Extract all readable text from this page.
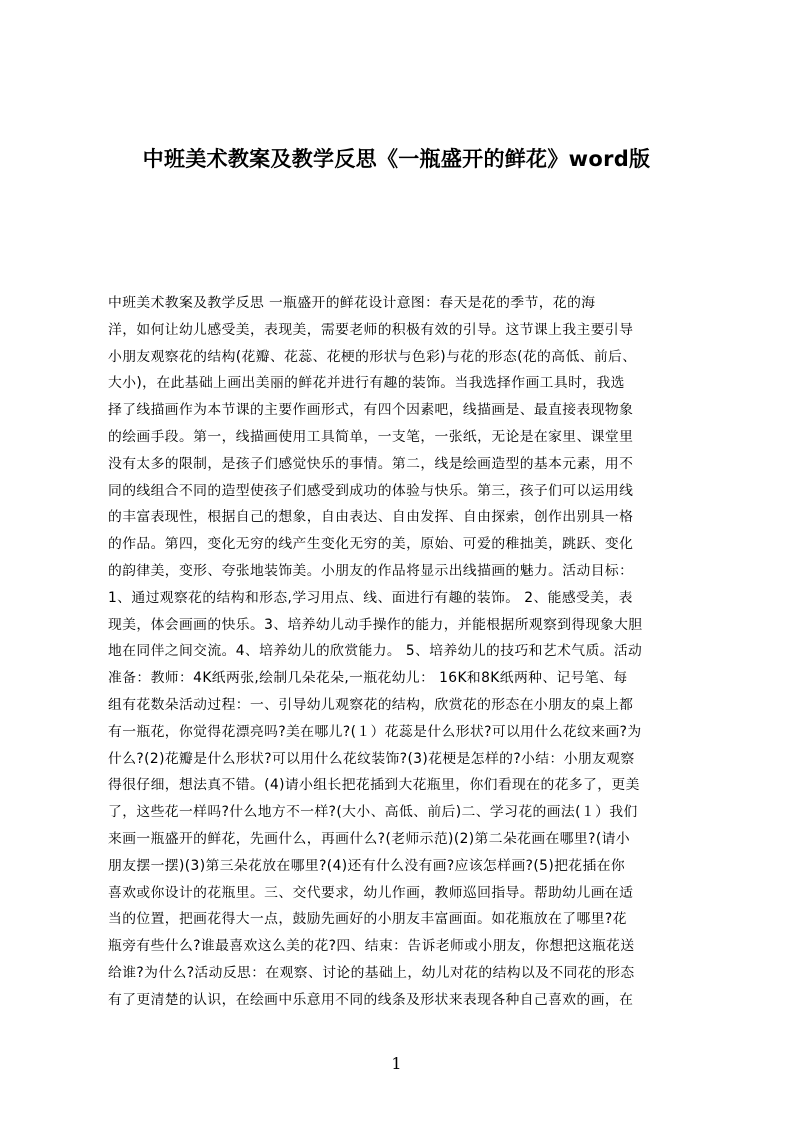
中班美术教案及教学反思《一瓶盛开的鲜花》word版
中班美术教案及教学反思 一瓶盛开的鲜花设计意图：春天是花的季节，花的海
洋，如何让幼儿感受美，表现美，需要老师的积极有效的引导。这节课上我主要引导
小朋友观察花的结构(花瓣、花蕊、花梗的形状与色彩)与花的形态(花的高低、前后、
大小)，在此基础上画出美丽的鲜花并进行有趣的装饰。当我选择作画工具时，我选
择了线描画作为本节课的主要作画形式，有四个因素吧，线描画是、最直接表现物象
的绘画手段。第一，线描画使用工具简单，一支笔，一张纸，无论是在家里、课堂里
没有太多的限制，是孩子们感觉快乐的事情。第二，线是绘画造型的基本元素，用不
同的线组合不同的造型使孩子们感受到成功的体验与快乐。第三，孩子们可以运用线
的丰富表现性，根据自己的想象，自由表达、自由发挥、自由探索，创作出别具一格
的作品。第四，变化无穷的线产生变化无穷的美，原始、可爱的稚拙美，跳跃、变化
的韵律美，变形、夸张地装饰美。小朋友的作品将显示出线描画的魅力。活动目标：
1、通过观察花的结构和形态,学习用点、线、面进行有趣的装饰。 2、能感受美，表
现美，体会画画的快乐。3、培养幼儿动手操作的能力，并能根据所观察到得现象大胆
地在同伴之间交流。4、培养幼儿的欣赏能力。 5、培养幼儿的技巧和艺术气质。活动
准备：教师：4K纸两张,绘制几朵花朵,一瓶花幼儿： 16K和8K纸两种、记号笔、每
组有花数朵活动过程：一、引导幼儿观察花的结构，欣赏花的形态在小朋友的桌上都
有一瓶花，你觉得花漂亮吗?美在哪儿?(１）花蕊是什么形状?可以用什么花纹来画?为
什么?(2)花瓣是什么形状?可以用什么花纹装饰?(3)花梗是怎样的?小结：小朋友观察
得很仔细，想法真不错。(4)请小组长把花插到大花瓶里，你们看现在的花多了，更美
了，这些花一样吗?什么地方不一样?(大小、高低、前后)二、学习花的画法(１）我们
来画一瓶盛开的鲜花，先画什么，再画什么?(老师示范)(2)第二朵花画在哪里?(请小
朋友摆一摆)(3)第三朵花放在哪里?(4)还有什么没有画?应该怎样画?(5)把花插在你
喜欢或你设计的花瓶里。三、交代要求，幼儿作画，教师巡回指导。帮助幼儿画在适
当的位置，把画花得大一点，鼓励先画好的小朋友丰富画面。如花瓶放在了哪里?花
瓶旁有些什么?谁最喜欢这么美的花?四、结束：告诉老师或小朋友，你想把这瓶花送
给谁?为什么?活动反思：在观察、讨论的基础上，幼儿对花的结构以及不同花的形态
有了更清楚的认识，在绘画中乐意用不同的线条及形状来表现各种自己喜欢的画，在
1
